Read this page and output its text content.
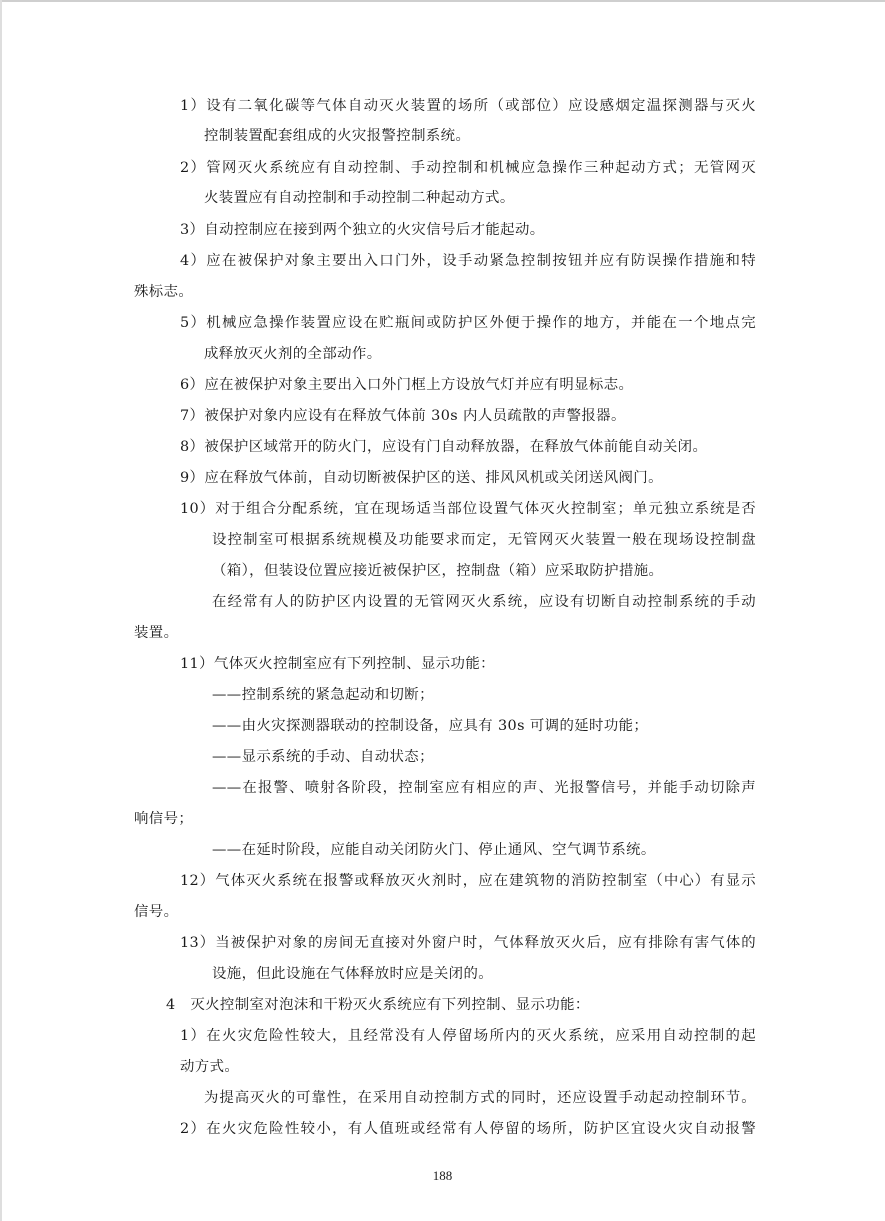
1）设有二氧化碳等气体自动灭火装置的场所（或部位）应设感烟定温探测器与灭火
控制装置配套组成的火灾报警控制系统。
2）管网灭火系统应有自动控制、手动控制和机械应急操作三种起动方式；无管网灭
火装置应有自动控制和手动控制二种起动方式。
3）自动控制应在接到两个独立的火灾信号后才能起动。
4）应在被保护对象主要出入口门外，设手动紧急控制按钮并应有防误操作措施和特
殊标志。
5）机械应急操作装置应设在贮瓶间或防护区外便于操作的地方，并能在一个地点完
成释放灭火剂的全部动作。
6）应在被保护对象主要出入口外门框上方设放气灯并应有明显标志。
7）被保护对象内应设有在释放气体前 30s 内人员疏散的声警报器。
8）被保护区域常开的防火门，应设有门自动释放器，在释放气体前能自动关闭。
9）应在释放气体前，自动切断被保护区的送、排风风机或关闭送风阀门。
10）对于组合分配系统，宜在现场适当部位设置气体灭火控制室；单元独立系统是否
设控制室可根据系统规模及功能要求而定，无管网灭火装置一般在现场设控制盘
（箱），但装设位置应接近被保护区，控制盘（箱）应采取防护措施。
在经常有人的防护区内设置的无管网灭火系统，应设有切断自动控制系统的手动
装置。
11）气体灭火控制室应有下列控制、显示功能：
——控制系统的紧急起动和切断；
——由火灾探测器联动的控制设备，应具有 30s 可调的延时功能；
——显示系统的手动、自动状态；
——在报警、喷射各阶段，控制室应有相应的声、光报警信号，并能手动切除声
响信号；
——在延时阶段，应能自动关闭防火门、停止通风、空气调节系统。
12）气体灭火系统在报警或释放灭火剂时，应在建筑物的消防控制室（中心）有显示
信号。
13）当被保护对象的房间无直接对外窗户时，气体释放灭火后，应有排除有害气体的
设施，但此设施在气体释放时应是关闭的。
4　灭火控制室对泡沫和干粉灭火系统应有下列控制、显示功能：
1）在火灾危险性较大，且经常没有人停留场所内的灭火系统，应采用自动控制的起
动方式。
为提高灭火的可靠性，在采用自动控制方式的同时，还应设置手动起动控制环节。
2）在火灾危险性较小，有人值班或经常有人停留的场所，防护区宜设火灾自动报警
188
